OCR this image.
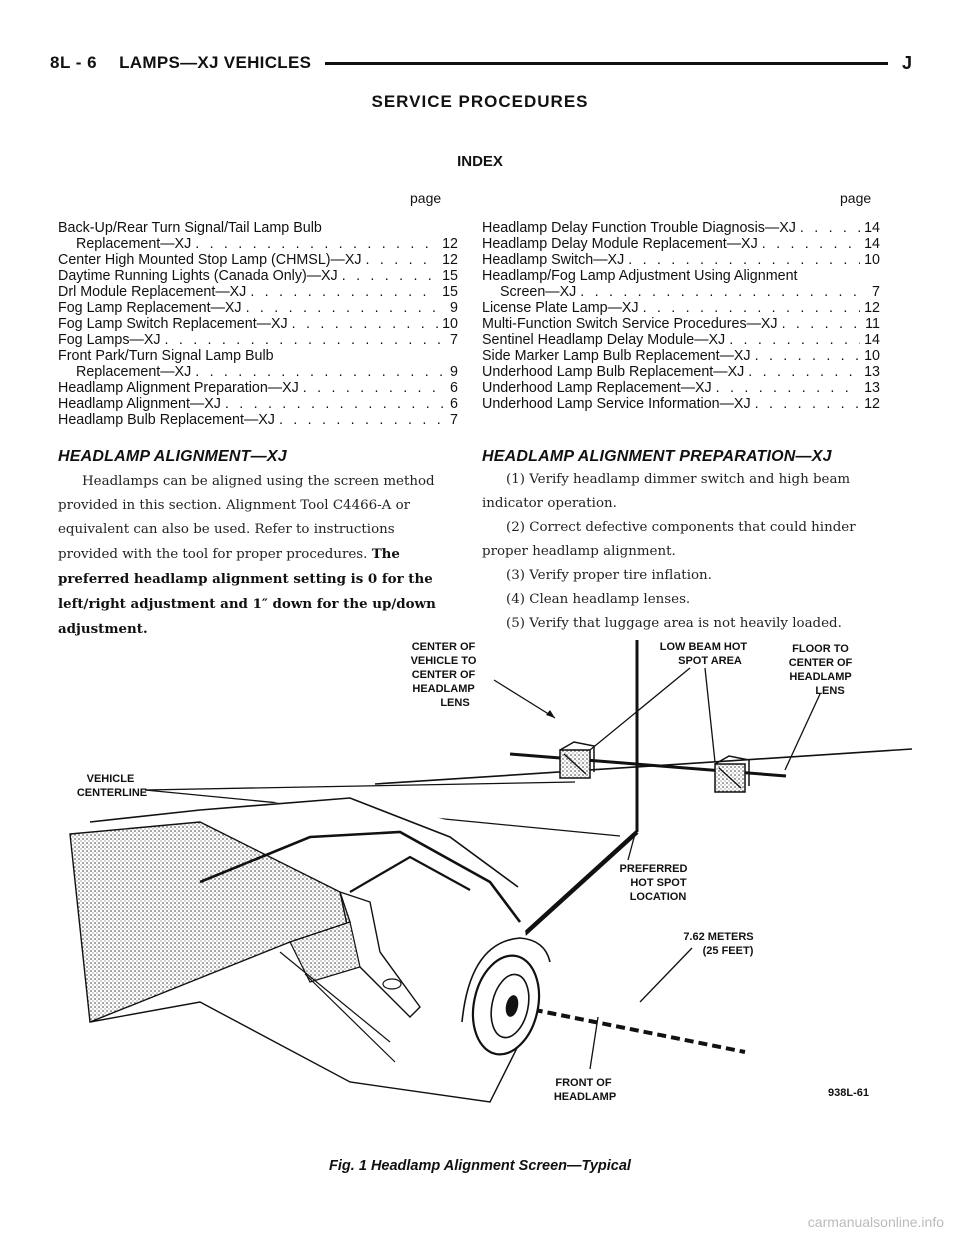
8L - 6 LAMPS—XJ VEHICLES	J
SERVICE PROCEDURES
INDEX
page	page
Back-Up/Rear Turn Signal/Tail Lamp Bulb
Replacement—XJ . . .	12
Center High Mounted Stop Lamp (CHMSL)—XJ . . .	12
Daytime Running Lights (Canada Only)—XJ . . .	15
Drl Module Replacement—XJ . . .	15
Fog Lamp Replacement—XJ . . .	9
Fog Lamp Switch Replacement—XJ . . .	10
Fog Lamps—XJ . . .	7
Front Park/Turn Signal Lamp Bulb
Replacement—XJ . . .	9
Headlamp Alignment Preparation—XJ . . .	6
Headlamp Alignment—XJ . . .	6
Headlamp Bulb Replacement—XJ . . .	7
Headlamp Delay Function Trouble Diagnosis—XJ . . .	14
Headlamp Delay Module Replacement—XJ . . .	14
Headlamp Switch—XJ . . .	10
Headlamp/Fog Lamp Adjustment Using Alignment
Screen—XJ . . .	7
License Plate Lamp—XJ . . .	12
Multi-Function Switch Service Procedures—XJ . . .	11
Sentinel Headlamp Delay Module—XJ . . .	14
Side Marker Lamp Bulb Replacement—XJ . . .	10
Underhood Lamp Bulb Replacement—XJ . . .	13
Underhood Lamp Replacement—XJ . . .	13
Underhood Lamp Service Information—XJ . . .	12
HEADLAMP ALIGNMENT—XJ

Headlamps can be aligned using the screen method provided in this section. Alignment Tool C4466-A or equivalent can also be used. Refer to instructions provided with the tool for proper procedures. The preferred headlamp alignment setting is 0 for the left/right adjustment and 1″ down for the up/down adjustment.

HEADLAMP ALIGNMENT PREPARATION—XJ

(1) Verify headlamp dimmer switch and high beam indicator operation.

(2) Correct defective components that could hinder proper headlamp alignment.

(3) Verify proper tire inflation.

(4) Clean headlamp lenses.

(5) Verify that luggage area is not heavily loaded.

CENTER OF VEHICLE TO CENTER OF HEADLAMP LENS
LOW BEAM HOT SPOT AREA
FLOOR TO CENTER OF HEADLAMP LENS
VEHICLE CENTERLINE
PREFERRED HOT SPOT LOCATION
7.62 METERS (25 FEET)
FRONT OF HEADLAMP	938L-61
Fig. 1 Headlamp Alignment Screen—Typical
carmanualsonline.info
